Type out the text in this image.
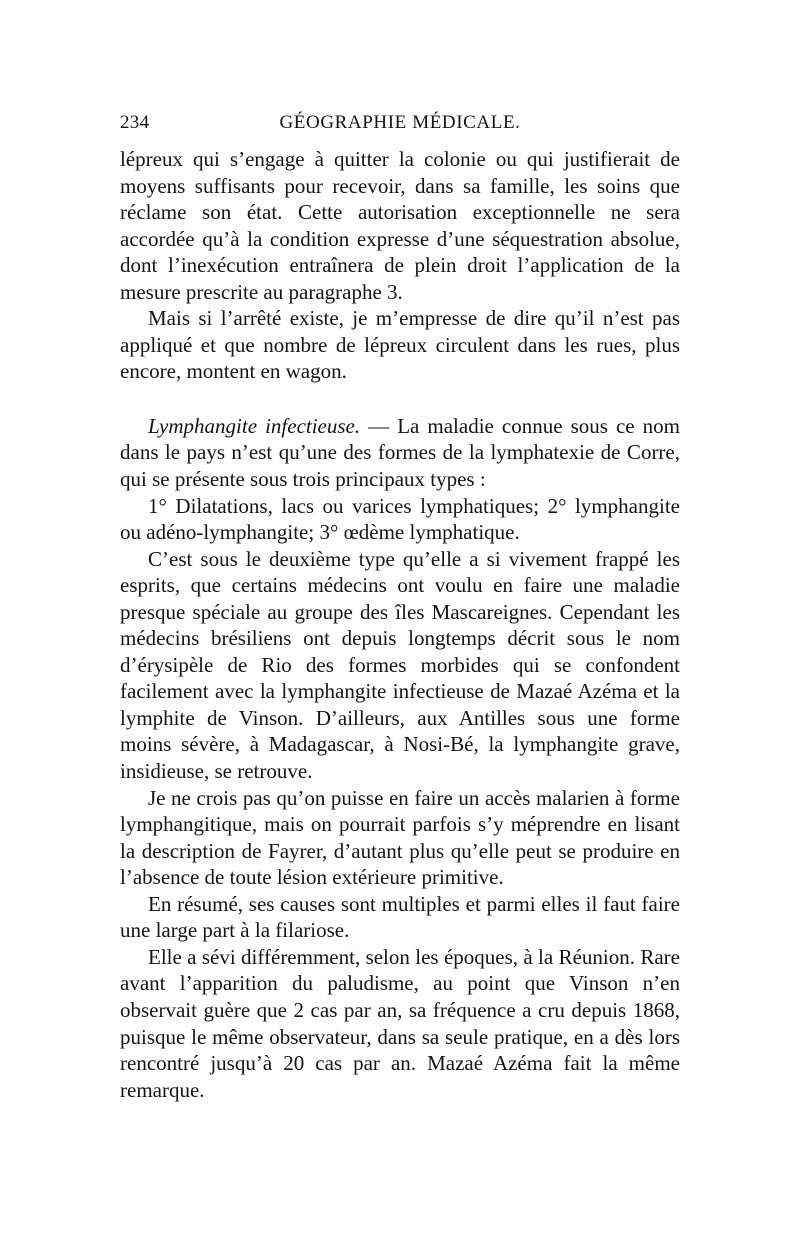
234	GÉOGRAPHIE MÉDICALE.

lépreux qui s’engage à quitter la colonie ou qui justifierait de moyens suffisants pour recevoir, dans sa famille, les soins que réclame son état. Cette autorisation exceptionnelle ne sera accordée qu’à la condition expresse d’une séquestration absolue, dont l’inexécution entraînera de plein droit l’application de la mesure prescrite au paragraphe 3.

Mais si l’arrêté existe, je m’empresse de dire qu’il n’est pas appliqué et que nombre de lépreux circulent dans les rues, plus encore, montent en wagon.

Lymphangite infectieuse. — La maladie connue sous ce nom dans le pays n’est qu’une des formes de la lymphatexie de Corre, qui se présente sous trois principaux types :

1° Dilatations, lacs ou varices lymphatiques; 2° lymphangite ou adéno-lymphangite; 3° œdème lymphatique.

C’est sous le deuxième type qu’elle a si vivement frappé les esprits, que certains médecins ont voulu en faire une maladie presque spéciale au groupe des îles Mascareignes. Cependant les médecins brésiliens ont depuis longtemps décrit sous le nom d’érysipèle de Rio des formes morbides qui se confondent facilement avec la lymphangite infectieuse de Mazaé Azéma et la lymphite de Vinson. D’ailleurs, aux Antilles sous une forme moins sévère, à Madagascar, à Nosi-Bé, la lymphangite grave, insidieuse, se retrouve.

Je ne crois pas qu’on puisse en faire un accès malarien à forme lymphangitique, mais on pourrait parfois s’y méprendre en lisant la description de Fayrer, d’autant plus qu’elle peut se produire en l’absence de toute lésion extérieure primitive.

En résumé, ses causes sont multiples et parmi elles il faut faire une large part à la filariose.

Elle a sévi différemment, selon les époques, à la Réunion. Rare avant l’apparition du paludisme, au point que Vinson n’en observait guère que 2 cas par an, sa fréquence a cru depuis 1868, puisque le même observateur, dans sa seule pratique, en a dès lors rencontré jusqu’à 20 cas par an. Mazaé Azéma fait la même remarque.
